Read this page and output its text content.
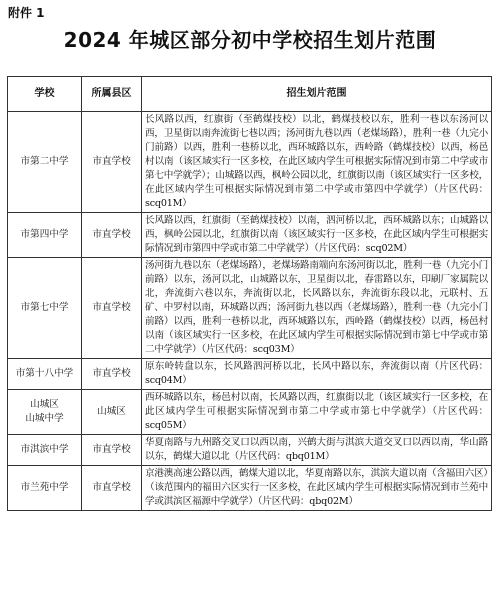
附件 1
2024 年城区部分初中学校招生划片范围
学校	所属县区	招生划片范围
市第二中学	市直学校	长风路以西，红旗街（至鹤煤技校）以北，鹤煤技校以东，胜利一巷以东汤河以西，卫星街以南奔流街七巷以西；汤河街九巷以西（老煤场路），胜利一巷（九完小门前路）以西，胜利一巷桥以北，西环城路以东，西岭路（鹤煤技校）以西，杨邑村以南（该区域实行一区多校，在此区域内学生可根据实际情况到市第二中学或市第七中学就学）；山城路以西，枫岭公园以北，红旗街以南（该区域实行一区多校，在此区域内学生可根据实际情况到市第二中学或市第四中学就学）（片区代码：scq01M）
市第四中学	市直学校	长风路以西，红旗街（至鹤煤技校）以南，泗河桥以北，西环城路以东；山城路以西，枫岭公园以北，红旗街以南（该区域实行一区多校，在此区域内学生可根据实际情况到市第四中学或市第二中学就学）（片区代码：scq02M）
市第七中学	市直学校	汤河街九巷以东（老煤场路），老煤场路南端向东汤河街以北，胜利一巷（九完小门前路）以东，汤河以北，山城路以东，卫星街以北，春雷路以东，印刷厂家属院以北，奔流街六巷以东，奔流街以北，长风路以东，奔流街东段以北，元联村、五矿、中罗村以南，环城路以西；汤河街九巷以西（老煤场路），胜利一巷（九完小门前路）以西，胜利一巷桥以北，西环城路以东，西岭路（鹤煤技校）以西，杨邑村以南（该区域实行一区多校，在此区域内学生可根据实际情况到市第七中学或市第二中学就学）（片区代码：scq03M）
市第十八中学	市直学校	原东岭转盘以东，长风路泗河桥以北，长风中路以东，奔流街以南（片区代码：scq04M）

山城区
山城中学	山城区	西环城路以东，杨邑村以南，长风路以西，红旗街以北（该区域实行一区多校，在此区域内学生可根据实际情况到市第二中学或市第七中学就学）（片区代码：scq05M）
市淇滨中学	市直学校	华夏南路与九州路交叉口以西以南，兴鹤大街与淇滨大道交叉口以西以南，华山路以东，鹤煤大道以北（片区代码：qbq01M）
市兰苑中学	市直学校	京港澳高速公路以西，鹤煤大道以北，华夏南路以东，淇滨大道以南（含福田六区）（该范围内的福田六区实行一区多校，在此区域内学生可根据实际情况到市兰苑中学或淇滨区福源中学就学）（片区代码：qbq02M）
